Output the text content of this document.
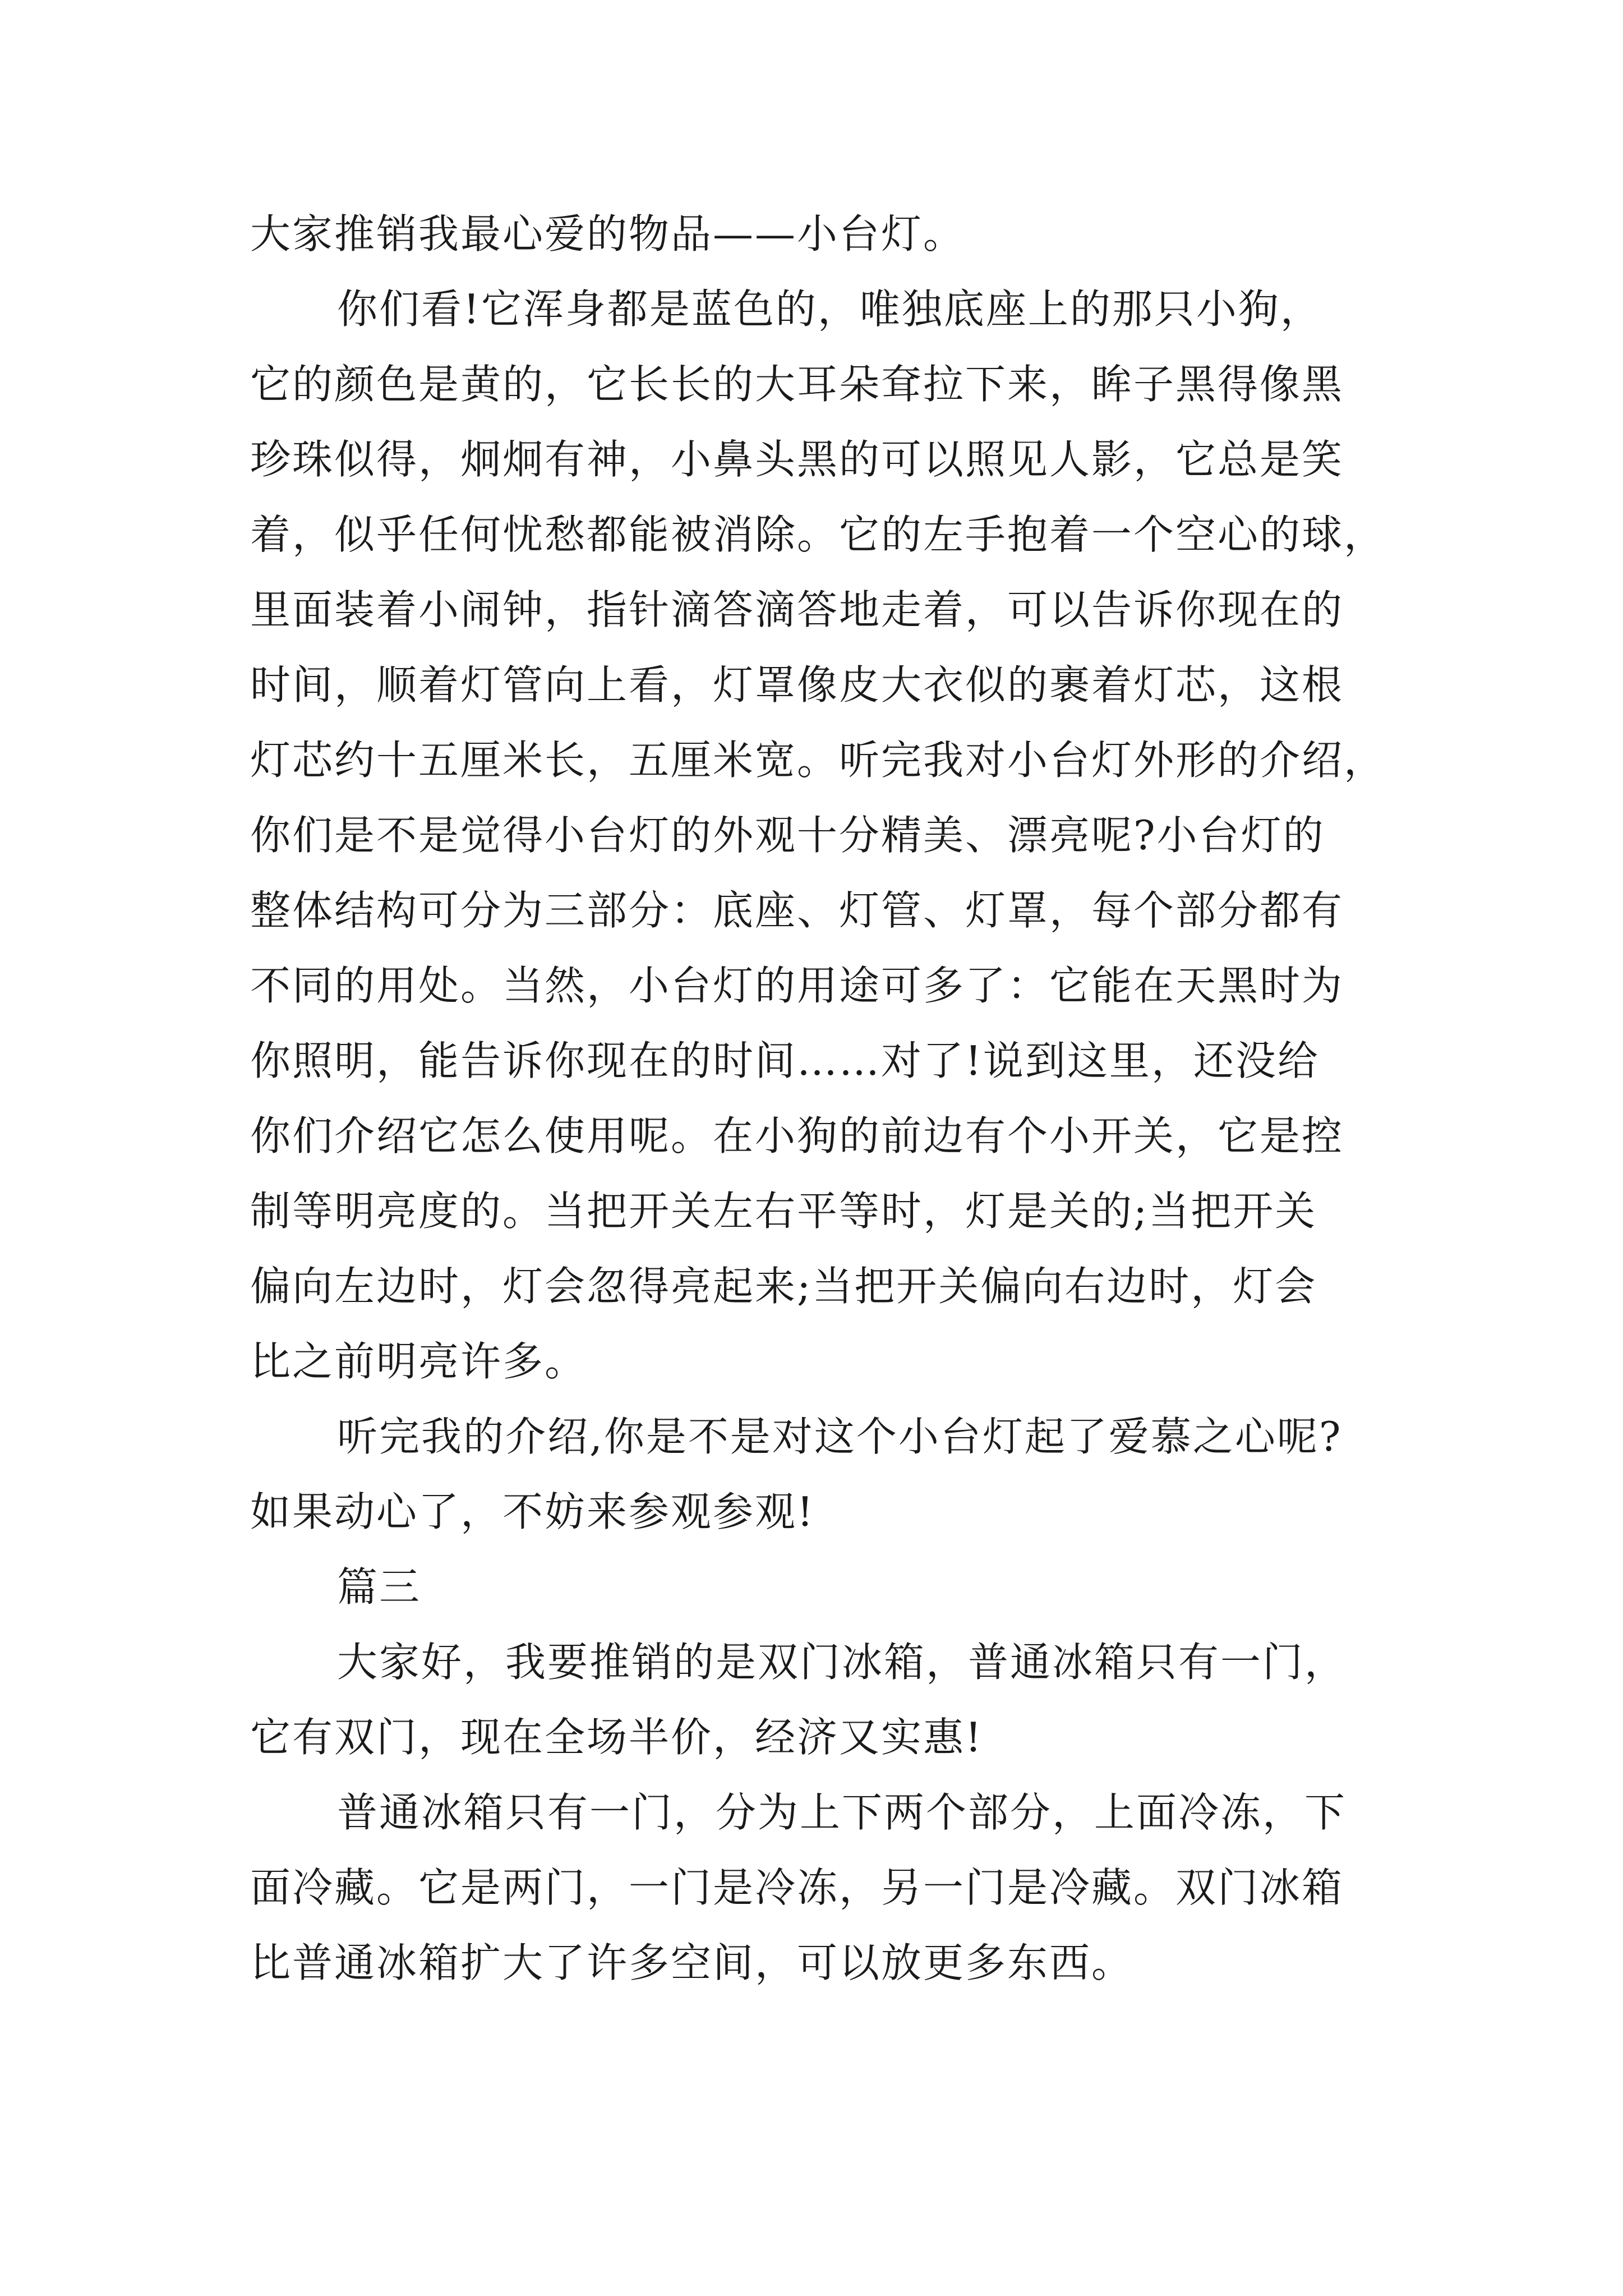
大家推销我最心爱的物品——小台灯。
你们看!它浑身都是蓝色的，唯独底座上的那只小狗，
它的颜色是黄的，它长长的大耳朵耷拉下来，眸子黑得像黑
珍珠似得，炯炯有神，小鼻头黑的可以照见人影，它总是笑
着，似乎任何忧愁都能被消除。它的左手抱着一个空心的球，
里面装着小闹钟，指针滴答滴答地走着，可以告诉你现在的
时间，顺着灯管向上看，灯罩像皮大衣似的裹着灯芯，这根
灯芯约十五厘米长，五厘米宽。听完我对小台灯外形的介绍，
你们是不是觉得小台灯的外观十分精美、漂亮呢?小台灯的
整体结构可分为三部分：底座、灯管、灯罩，每个部分都有
不同的用处。当然，小台灯的用途可多了：它能在天黑时为
你照明，能告诉你现在的时间……对了!说到这里，还没给
你们介绍它怎么使用呢。在小狗的前边有个小开关，它是控
制等明亮度的。当把开关左右平等时，灯是关的;当把开关
偏向左边时，灯会忽得亮起来;当把开关偏向右边时，灯会
比之前明亮许多。
听完我的介绍,你是不是对这个小台灯起了爱慕之心呢?
如果动心了，不妨来参观参观!
篇三
大家好，我要推销的是双门冰箱，普通冰箱只有一门，
它有双门，现在全场半价，经济又实惠!
普通冰箱只有一门，分为上下两个部分，上面冷冻，下
面冷藏。它是两门，一门是冷冻，另一门是冷藏。双门冰箱
比普通冰箱扩大了许多空间，可以放更多东西。
